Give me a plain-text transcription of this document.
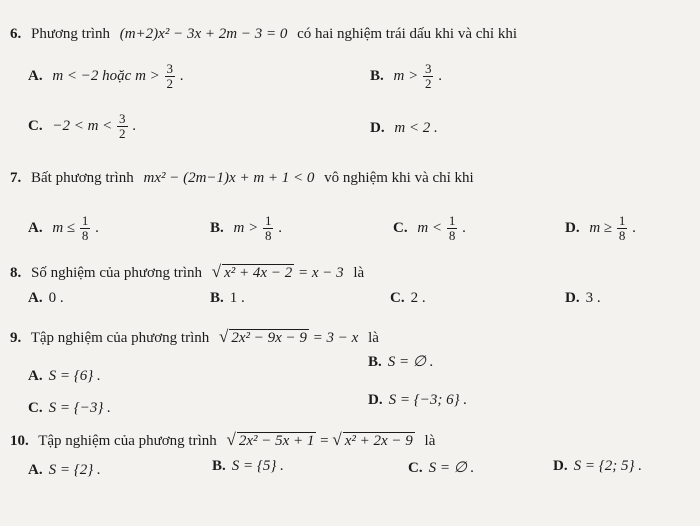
6. Phương trình (m+2)x² − 3x + 2m − 3 = 0 có hai nghiệm trái dấu khi và chỉ khi
A. m < −2 hoặc $m > \frac{3}{2}$ .	B. $m > \frac{3}{2}$ .
C. $-2 < m < \frac{3}{2}$ .	D. m < 2 .
7. Bất phương trình mx² − (2m−1)x + m + 1 < 0 vô nghiệm khi và chỉ khi
A. $m \le \frac{1}{8}$ .	B. $m > \frac{1}{8}$ .	C. $m < \frac{1}{8}$ .	D. $m \ge \frac{1}{8}$ .
8. Số nghiệm của phương trình √ x² + 4x − 2 = x − 3 là
A. 0 .	B. 1 .	C. 2 .	D. 3 .
9. Tập nghiệm của phương trình √ 2x² − 9x − 9 = 3 − x là
A. S = {6} .
B. S = ∅ .
C. S = {−3} .	D. S = {−3; 6} .
10. Tập nghiệm của phương trình √ 2x² − 5x + 1 = √ x² + 2x − 9 là
A. S = {2} .	B. S = {5} .	C. S = ∅ .	D. S = {2; 5} .
